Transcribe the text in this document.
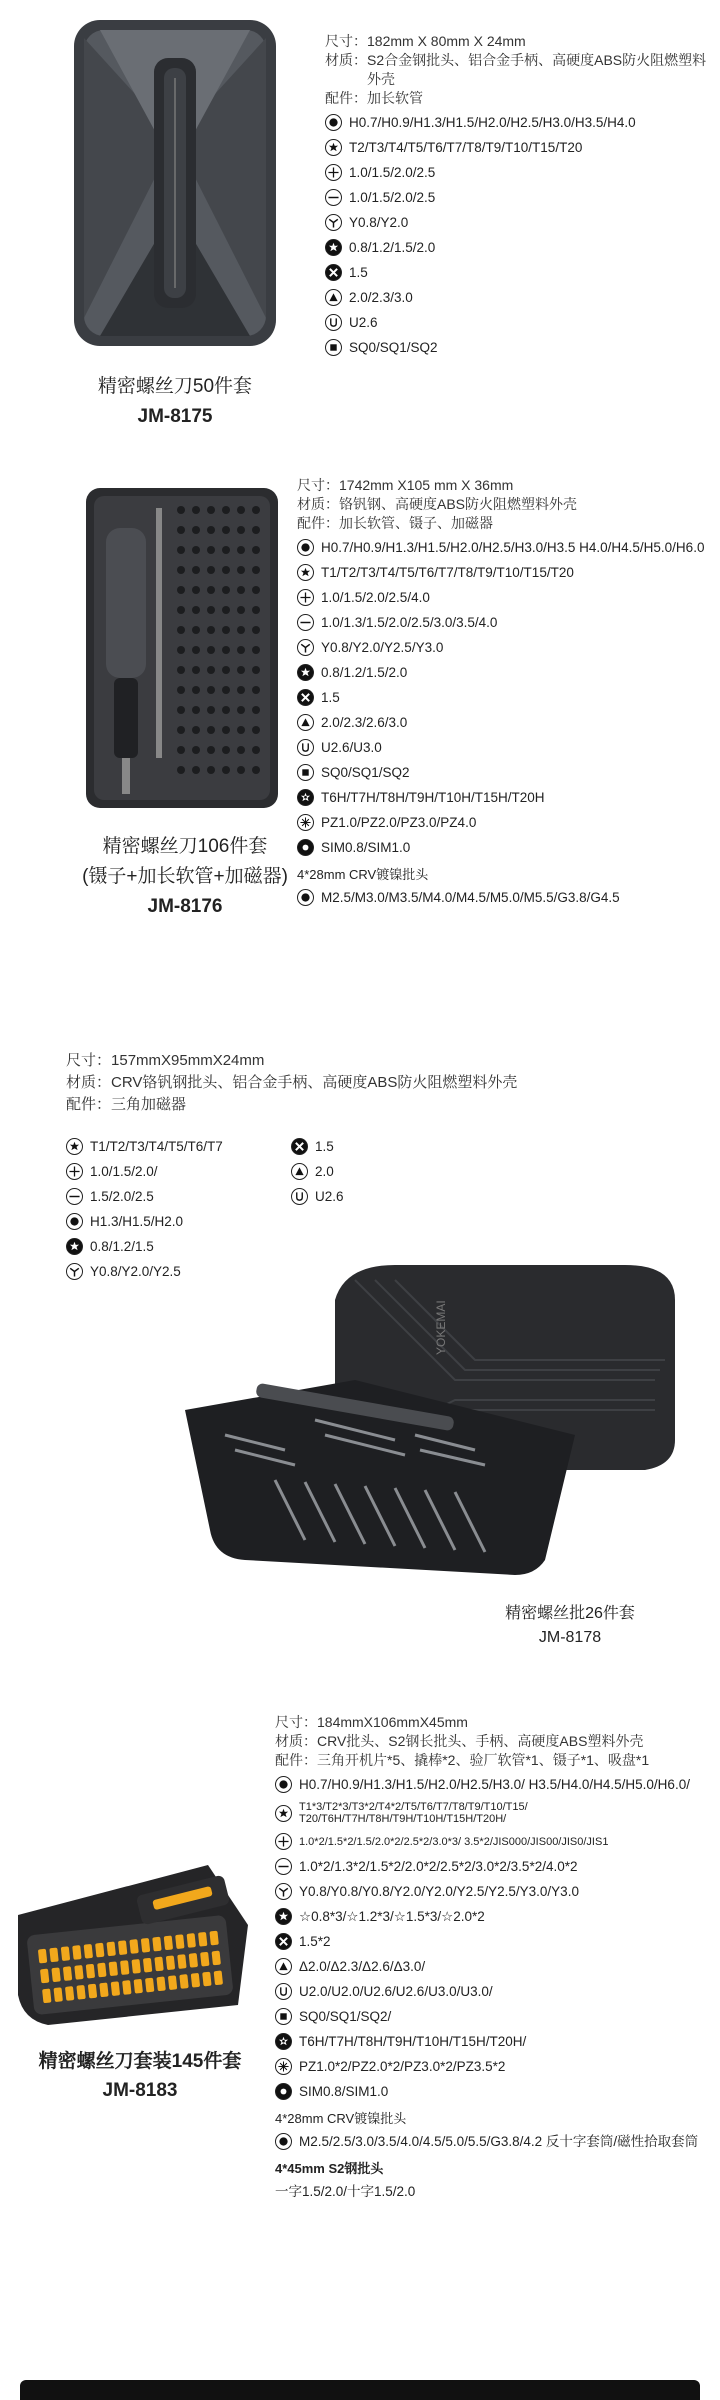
精密螺丝刀50件套
JM-8175
尺寸： 182mm X 80mm X 24mm
材质： S2合金钢批头、铝合金手柄、高硬度ABS防火阻燃塑料外壳
配件： 加长软管
H0.7/H0.9/H1.3/H1.5/H2.0/H2.5/H3.0/H3.5/H4.0
T2/T3/T4/T5/T6/T7/T8/T9/T10/T15/T20
1.0/1.5/2.0/2.5
1.0/1.5/2.0/2.5
Y0.8/Y2.0
0.8/1.2/1.5/2.0
1.5
2.0/2.3/3.0
U2.6
SQ0/SQ1/SQ2
精密螺丝刀106件套
(镊子+加长软管+加磁器)
JM-8176
尺寸： 1742mm X105 mm X 36mm
材质： 铬钒钢、高硬度ABS防火阻燃塑料外壳
配件： 加长软管、镊子、加磁器
H0.7/H0.9/H1.3/H1.5/H2.0/H2.5/H3.0/H3.5 H4.0/H4.5/H5.0/H6.0
T1/T2/T3/T4/T5/T6/T7/T8/T9/T10/T15/T20
1.0/1.5/2.0/2.5/4.0
1.0/1.3/1.5/2.0/2.5/3.0/3.5/4.0
Y0.8/Y2.0/Y2.5/Y3.0
0.8/1.2/1.5/2.0
1.5
2.0/2.3/2.6/3.0
U2.6/U3.0
SQ0/SQ1/SQ2
T6H/T7H/T8H/T9H/T10H/T15H/T20H
PZ1.0/PZ2.0/PZ3.0/PZ4.0
SIM0.8/SIM1.0
4*28mm CRV镀镍批头
M2.5/M3.0/M3.5/M4.0/M4.5/M5.0/M5.5/G3.8/G4.5
尺寸： 157mmX95mmX24mm
材质： CRV铬钒钢批头、铝合金手柄、高硬度ABS防火阻燃塑料外壳
配件： 三角加磁器
T1/T2/T3/T4/T5/T6/T7
1.0/1.5/2.0/
1.5/2.0/2.5
H1.3/H1.5/H2.0
0.8/1.2/1.5
Y0.8/Y2.0/Y2.5
1.5
2.0
U2.6
YOKEMAI
精密螺丝批26件套
JM-8178
精密螺丝刀套装145件套
JM-8183
尺寸： 184mmX106mmX45mm
材质： CRV批头、S2钢长批头、手柄、高硬度ABS塑料外壳
配件： 三角开机片*5、撬棒*2、验厂软管*1、镊子*1、吸盘*1
H0.7/H0.9/H1.3/H1.5/H2.0/H2.5/H3.0/ H3.5/H4.0/H4.5/H5.0/H6.0/
T1*3/T2*3/T3*2/T4*2/T5/T6/T7/T8/T9/T10/T15/ T20/T6H/T7H/T8H/T9H/T10H/T15H/T20H/
1.0*2/1.5*2/1.5/2.0*2/2.5*2/3.0*3/ 3.5*2/JIS000/JIS00/JIS0/JIS1
1.0*2/1.3*2/1.5*2/2.0*2/2.5*2/3.0*2/3.5*2/4.0*2
Y0.8/Y0.8/Y0.8/Y2.0/Y2.0/Y2.5/Y2.5/Y3.0/Y3.0
☆0.8*3/☆1.2*3/☆1.5*3/☆2.0*2
1.5*2
Δ2.0/Δ2.3/Δ2.6/Δ3.0/
U2.0/U2.0/U2.6/U2.6/U3.0/U3.0/
SQ0/SQ1/SQ2/
T6H/T7H/T8H/T9H/T10H/T15H/T20H/
PZ1.0*2/PZ2.0*2/PZ3.0*2/PZ3.5*2
SIM0.8/SIM1.0
4*28mm CRV镀镍批头
M2.5/2.5/3.0/3.5/4.0/4.5/5.0/5.5/G3.8/4.2 反十字套筒/磁性拾取套筒
4*45mm S2钢批头
一字1.5/2.0/十字1.5/2.0
